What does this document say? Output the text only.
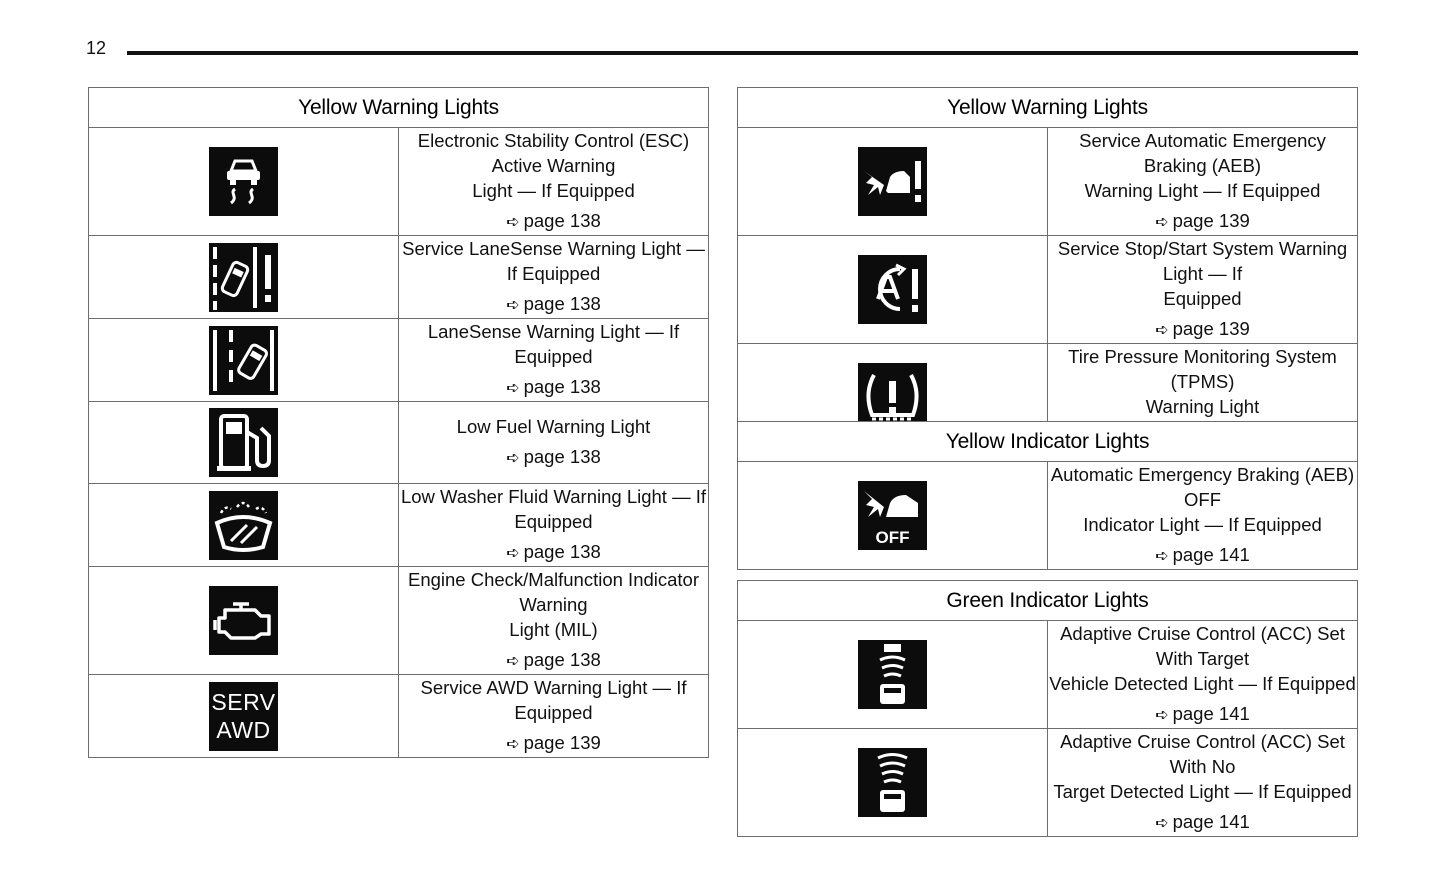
12
Yellow Warning Lights	

Electronic Stability Control (ESC) Active Warning
Light — If Equipped
➪ page 138

Service LaneSense Warning Light — If Equipped
➪ page 138

LaneSense Warning Light — If Equipped
➪ page 138

Low Fuel Warning Light
➪ page 138

Low Washer Fluid Warning Light — If Equipped
➪ page 138

Engine Check/Malfunction Indicator Warning
Light (MIL)
➪ page 138

SERV
AWD	Service AWD Warning Light — If Equipped
➪ page 139
Yellow Warning Lights	

Service Automatic Emergency Braking (AEB)
Warning Light — If Equipped
➪ page 139

Service Stop/Start System Warning Light — If
Equipped
➪ page 139

Tire Pressure Monitoring System (TPMS)
Warning Light
Yellow Indicator Lights

OFF

Automatic Emergency Braking (AEB) OFF
Indicator Light — If Equipped
➪ page 141
Green Indicator Lights	

Adaptive Cruise Control (ACC) Set With Target
Vehicle Detected Light — If Equipped
➪ page 141

Adaptive Cruise Control (ACC) Set With No
Target Detected Light — If Equipped
➪ page 141
